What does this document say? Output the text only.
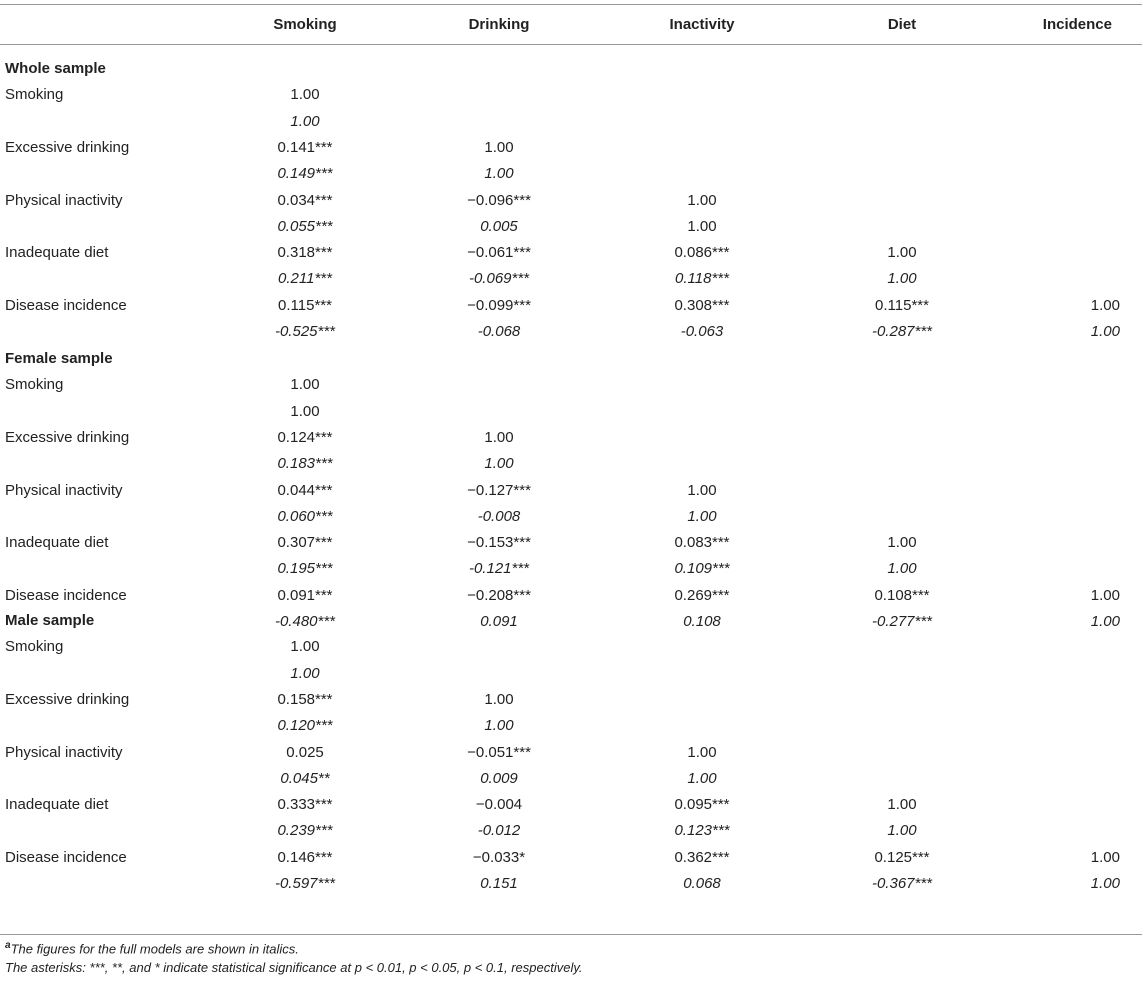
Smoking	Drinking	Inactivity	Diet	Incidence
Whole sample
Smoking	1.00
1.00
Excessive drinking	0.141***	1.00
0.149***	1.00
Physical inactivity	0.034***	−0.096***	1.00
0.055***	0.005	1.00
Inadequate diet	0.318***	−0.061***	0.086***	1.00
0.211***	-0.069***	0.118***	1.00
Disease incidence	0.115***	−0.099***	0.308***	0.115***	1.00
-0.525***	-0.068	-0.063	-0.287***	1.00
Female sample
Smoking	1.00
1.00
Excessive drinking	0.124***	1.00
0.183***	1.00
Physical inactivity	0.044***	−0.127***	1.00
0.060***	-0.008	1.00
Inadequate diet	0.307***	−0.153***	0.083***	1.00
0.195***	-0.121***	0.109***	1.00
Disease incidence	0.091***	−0.208***	0.269***	0.108***	1.00
-0.480***	0.091	0.108	-0.277***	1.00
Male sample
Smoking	1.00
1.00
Excessive drinking	0.158***	1.00
0.120***	1.00
Physical inactivity	0.025	−0.051***	1.00
0.045**	0.009	1.00
Inadequate diet	0.333***	−0.004	0.095***	1.00
0.239***	-0.012	0.123***	1.00
Disease incidence	0.146***	−0.033*	0.362***	0.125***	1.00
-0.597***	0.151	0.068	-0.367***	1.00
$^a$The figures for the full models are shown in italics.
The asterisks: ***, **, and * indicate statistical significance at p < 0.01, p < 0.05, p < 0.1, respectively.
